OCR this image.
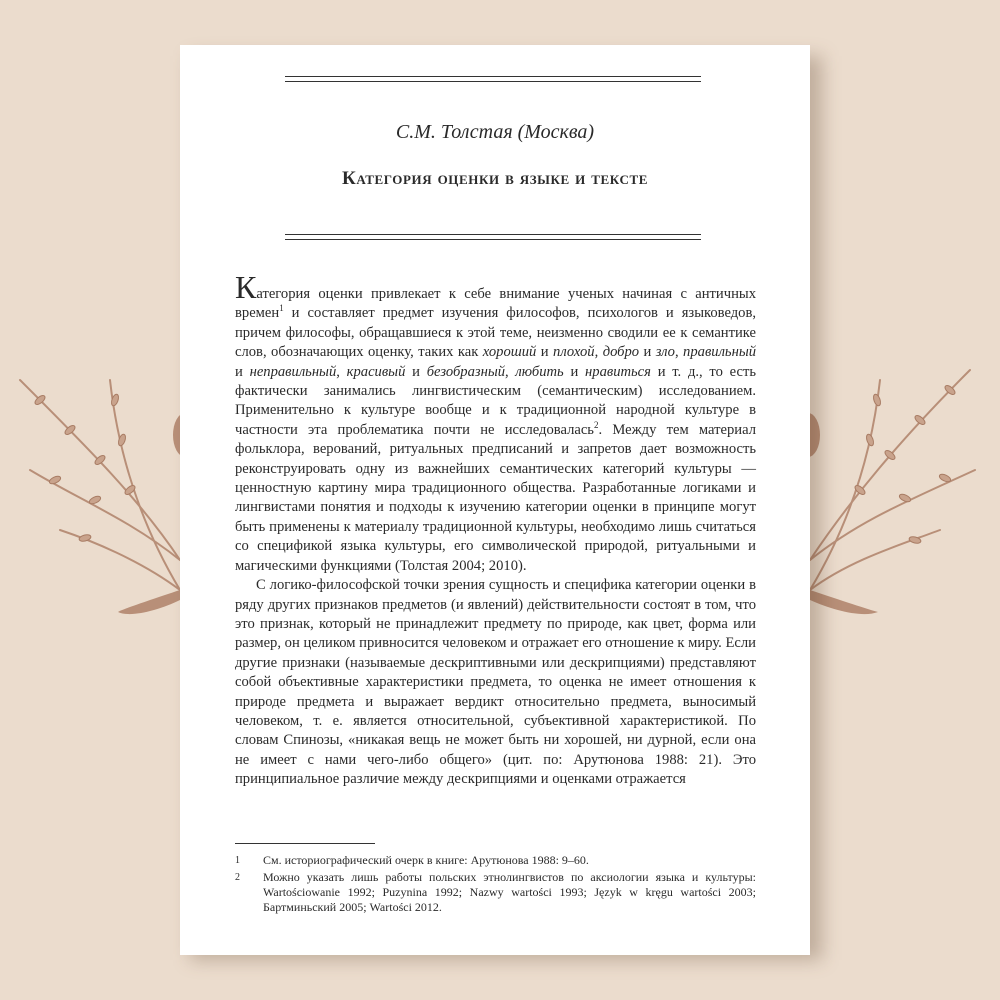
С.М. Толстая (Москва)
Категория оценки в языке и тексте

Категория оценки привлекает к себе внимание ученых начиная с античных времен$^1$ и составляет предмет изучения философов, психологов и языковедов, причем философы, обращавшиеся к этой теме, неизменно сводили ее к семантике слов, обозначающих оценку, таких как хороший и плохой, добро и зло, правильный и неправильный, красивый и безобразный, любить и нравиться и т. д., то есть фактически занимались лингвистическим (семантическим) исследованием. Применительно к культуре вообще и к традиционной народной культуре в частности эта проблематика почти не исследовалась$^2$. Между тем материал фольклора, верований, ритуальных предписаний и запретов дает возможность реконструировать одну из важнейших семантических категорий культуры — ценностную картину мира традиционного общества. Разработанные логиками и лингвистами понятия и подходы к изучению категории оценки в принципе могут быть применены к материалу традиционной культуры, необходимо лишь считаться со спецификой языка культуры, его символической природой, ритуальными и магическими функциями (Толстая 2004; 2010).

С логико-философской точки зрения сущность и специфика категории оценки в ряду других признаков предметов (и явлений) действительности состоят в том, что это признак, который не принадлежит предмету по природе, как цвет, форма или размер, он целиком привносится человеком и отражает его отношение к миру. Если другие признаки (называемые дескриптивными или дескрипциями) представляют собой объективные характеристики предмета, то оценка не имеет отношения к природе предмета и выражает вердикт относительно предмета, выносимый человеком, т. е. является относительной, субъективной характеристикой. По словам Спинозы, «никакая вещь не может быть ни хорошей, ни дурной, если она не имеет с нами чего-либо общего» (цит. по: Арутюнова 1988: 21). Это принципиальное различие между дескрипциями и оценками отражается

1 См. историографический очерк в книге: Арутюнова 1988: 9–60.
2 Можно указать лишь работы польских этнолингвистов по аксиологии языка и культуры: Wartościowanie 1992; Puzynina 1992; Nazwy wartości 1993; Język w kręgu wartości 2003; Бартминьский 2005; Wartości 2012.
